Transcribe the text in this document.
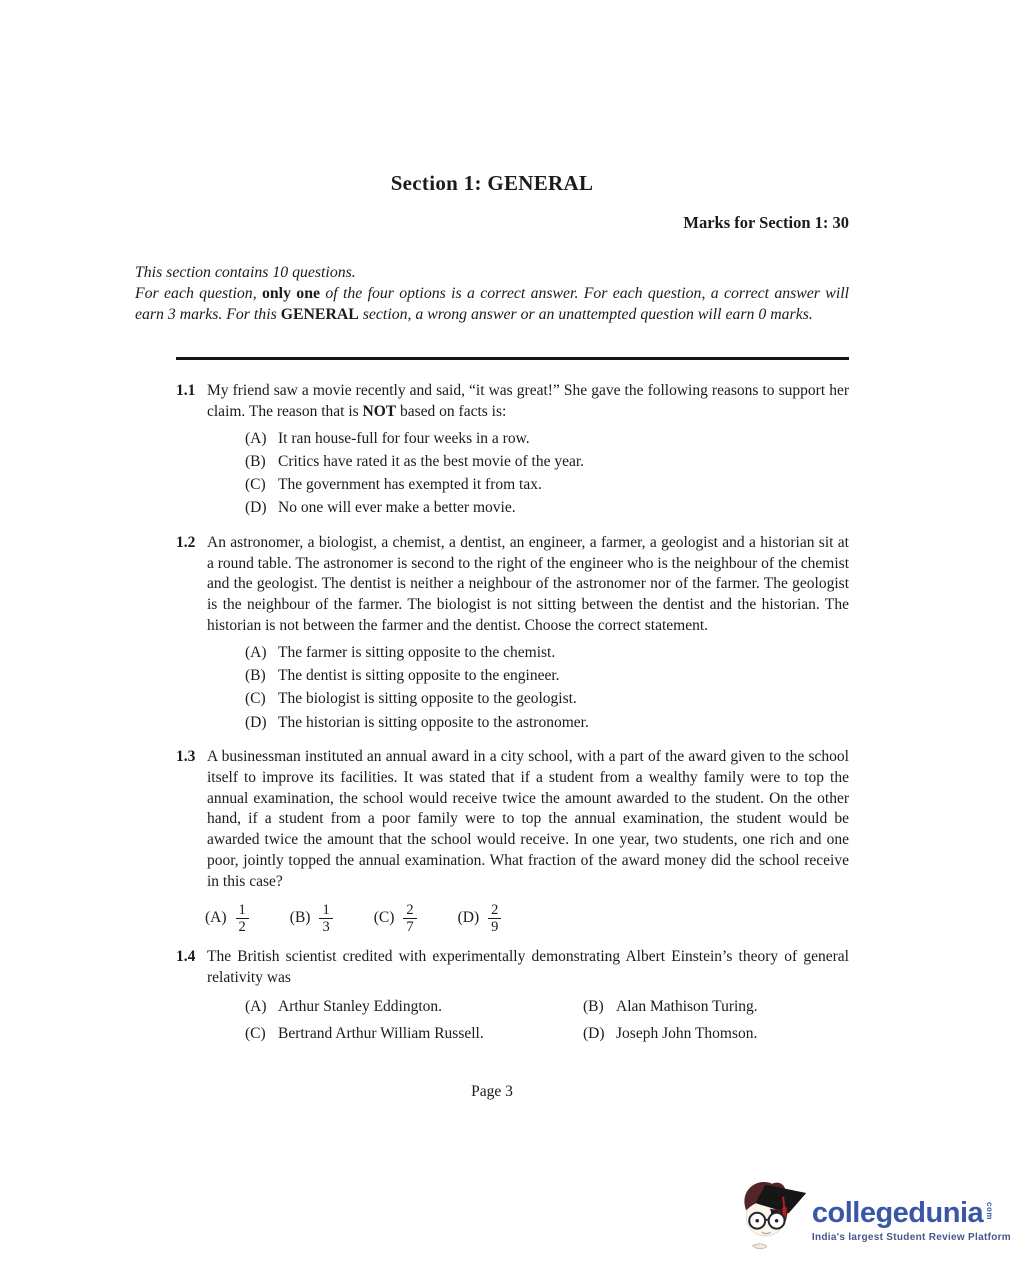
Section 1: GENERAL
Marks for Section 1: 30
This section contains 10 questions.
For each question, only one of the four options is a correct answer. For each question, a correct answer will earn 3 marks. For this GENERAL section, a wrong answer or an unattempted question will earn 0 marks.
1.1 My friend saw a movie recently and said, “it was great!” She gave the following reasons to support her claim. The reason that is NOT based on facts is:
(A) It ran house-full for four weeks in a row.
(B) Critics have rated it as the best movie of the year.
(C) The government has exempted it from tax.
(D) No one will ever make a better movie.
1.2 An astronomer, a biologist, a chemist, a dentist, an engineer, a farmer, a geologist and a historian sit at a round table. The astronomer is second to the right of the engineer who is the neighbour of the chemist and the geologist. The dentist is neither a neighbour of the astronomer nor of the farmer. The geologist is the neighbour of the farmer. The biologist is not sitting between the dentist and the historian. The historian is not between the farmer and the dentist. Choose the correct statement.
(A) The farmer is sitting opposite to the chemist.
(B) The dentist is sitting opposite to the engineer.
(C) The biologist is sitting opposite to the geologist.
(D) The historian is sitting opposite to the astronomer.
1.3 A businessman instituted an annual award in a city school, with a part of the award given to the school itself to improve its facilities. It was stated that if a student from a wealthy family were to top the annual examination, the school would receive twice the amount awarded to the student. On the other hand, if a student from a poor family were to top the annual examination, the student would be awarded twice the amount that the school would receive. In one year, two students, one rich and one poor, jointly topped the annual examination. What fraction of the award money did the school receive in this case?
$(A) \frac{1}{2}$	$(B) \frac{1}{3}$	$(C) \frac{2}{7}$	$(D) \frac{2}{9}$
1.4 The British scientist credited with experimentally demonstrating Albert Einstein’s theory of general relativity was
(A) Arthur Stanley Eddington.	(B) Alan Mathison Turing.
(C) Bertrand Arthur William Russell.	(D) Joseph John Thomson.
Page 3
collegedunia com
India's largest Student Review Platform
